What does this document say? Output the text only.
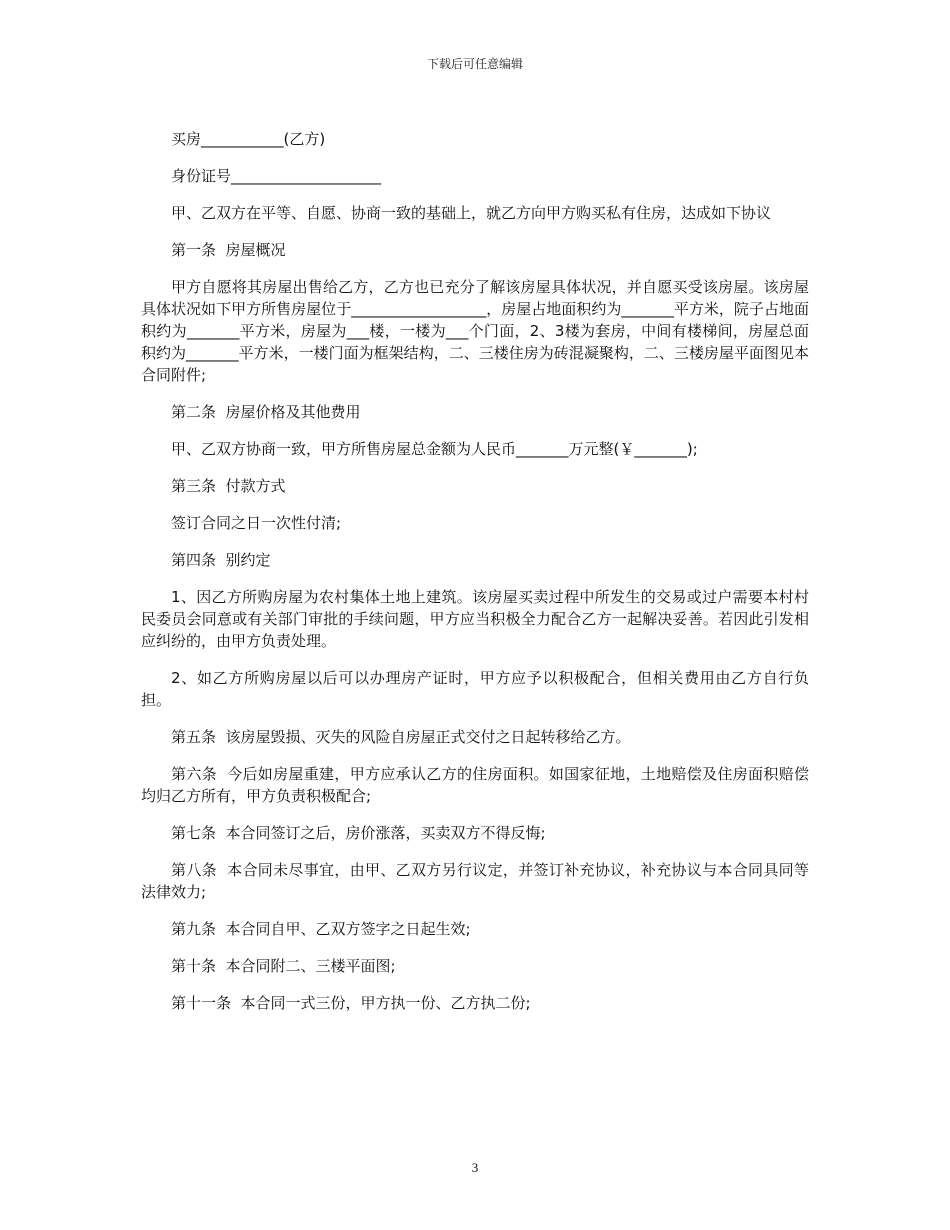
下载后可任意编辑

买房___________(乙方)

身份证号____________________

甲、乙双方在平等、自愿、协商一致的基础上，就乙方向甲方购买私有住房，达成如下协议

第一条  房屋概况

甲方自愿将其房屋出售给乙方，乙方也已充分了解该房屋具体状况，并自愿买受该房屋。该房屋具体状况如下甲方所售房屋位于__________________，房屋占地面积约为_______平方米，院子占地面积约为_______平方米，房屋为___楼，一楼为___个门面，2、3楼为套房，中间有楼梯间，房屋总面积约为_______平方米，一楼门面为框架结构，二、三楼住房为砖混凝聚构，二、三楼房屋平面图见本合同附件;

第二条  房屋价格及其他费用

甲、乙双方协商一致，甲方所售房屋总金额为人民币_______万元整(￥_______);

第三条  付款方式

签订合同之日一次性付清;

第四条  别约定

1、因乙方所购房屋为农村集体土地上建筑。该房屋买卖过程中所发生的交易或过户需要本村村民委员会同意或有关部门审批的手续问题，甲方应当积极全力配合乙方一起解决妥善。若因此引发相应纠纷的，由甲方负责处理。

2、如乙方所购房屋以后可以办理房产证时，甲方应予以积极配合，但相关费用由乙方自行负担。

第五条  该房屋毁损、灭失的风险自房屋正式交付之日起转移给乙方。

第六条  今后如房屋重建，甲方应承认乙方的住房面积。如国家征地，土地赔偿及住房面积赔偿均归乙方所有，甲方负责积极配合;

第七条  本合同签订之后，房价涨落，买卖双方不得反悔;

第八条  本合同未尽事宜，由甲、乙双方另行议定，并签订补充协议，补充协议与本合同具同等法律效力;

第九条  本合同自甲、乙双方签字之日起生效;

第十条  本合同附二、三楼平面图;

第十一条  本合同一式三份，甲方执一份、乙方执二份;

3
